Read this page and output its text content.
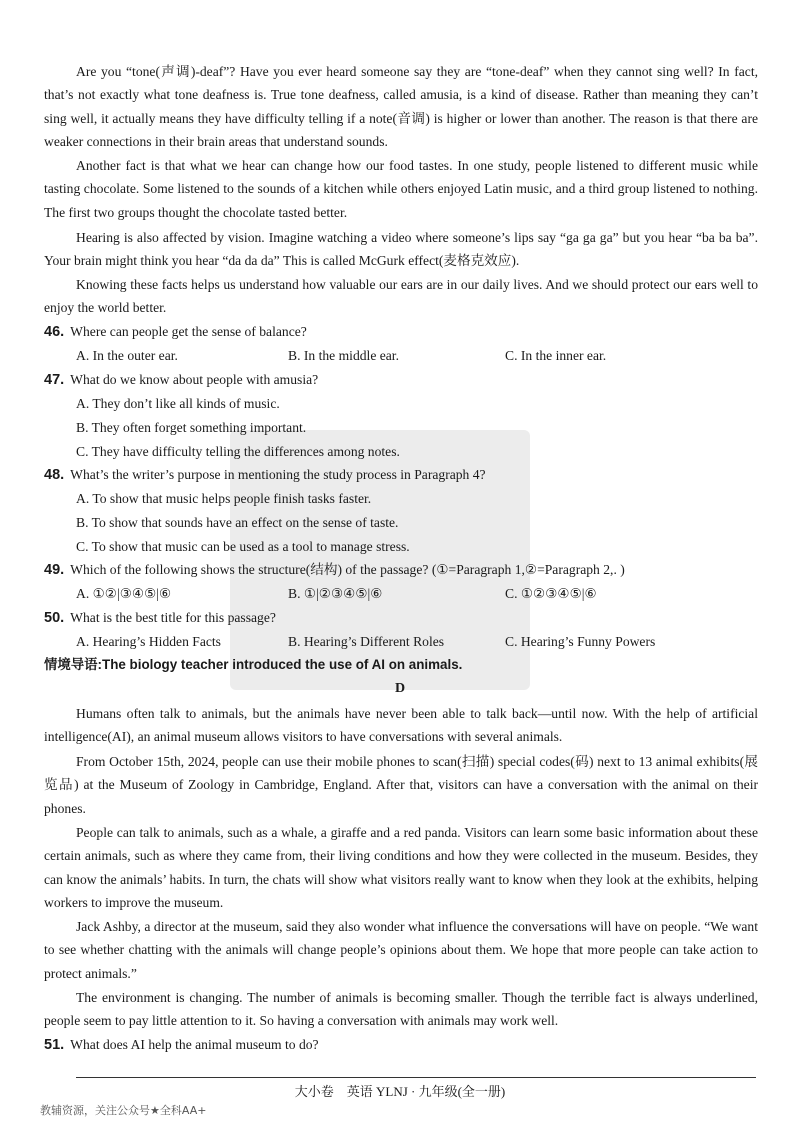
Are you “tone(声调)-deaf”? Have you ever heard someone say they are “tone-deaf” when they cannot sing well? In fact, that’s not exactly what tone deafness is. True tone deafness, called amusia, is a kind of disease. Rather than meaning they can’t sing well, it actually means they have difficulty telling if a note(音调) is higher or lower than another. The reason is that there are weaker connections in their brain areas that understand sounds.
Another fact is that what we hear can change how our food tastes. In one study, people listened to different music while tasting chocolate. Some listened to the sounds of a kitchen while others enjoyed Latin music, and a third group listened to nothing. The first two groups thought the chocolate tasted better.
Hearing is also affected by vision. Imagine watching a video where someone’s lips say “ga ga ga” but you hear “ba ba ba”. Your brain might think you hear “da da da” This is called McGurk effect(麦格克效应).
Knowing these facts helps us understand how valuable our ears are in our daily lives. And we should protect our ears well to enjoy the world better.
46. Where can people get the sense of balance?
A. In the outer ear.	B. In the middle ear.	C. In the inner ear.
47. What do we know about people with amusia?
A. They don’t like all kinds of music.
B. They often forget something important.
C. They have difficulty telling the differences among notes.
48. What’s the writer’s purpose in mentioning the study process in Paragraph 4?
A. To show that music helps people finish tasks faster.
B. To show that sounds have an effect on the sense of taste.
C. To show that music can be used as a tool to manage stress.
49. Which of the following shows the structure(结构) of the passage? (①=Paragraph 1,②=Paragraph 2,. )
A. ①②|③④⑤|⑥	B. ①|②③④⑤|⑥	C. ①②③④⑤|⑥
50. What is the best title for this passage?
A. Hearing’s Hidden Facts	B. Hearing’s Different Roles	C. Hearing’s Funny Powers
情境导语:The biology teacher introduced the use of AI on animals.
D
Humans often talk to animals, but the animals have never been able to talk back—until now. With the help of artificial intelligence(AI), an animal museum allows visitors to have conversations with several animals.
From October 15th, 2024, people can use their mobile phones to scan(扫描) special codes(码) next to 13 animal exhibits(展览品) at the Museum of Zoology in Cambridge, England. After that, visitors can have a conversation with the animal on their phones.
People can talk to animals, such as a whale, a giraffe and a red panda. Visitors can learn some basic information about these certain animals, such as where they came from, their living conditions and how they were collected in the museum. Besides, they can know the animals’ habits. In turn, the chats will show what visitors really want to know when they look at the exhibits, helping workers to improve the museum.
Jack Ashby, a director at the museum, said they also wonder what influence the conversations will have on people. “We want to see whether chatting with the animals will change people’s opinions about them. We hope that more people can take action to protect animals.”
The environment is changing. The number of animals is becoming smaller. Though the terrible fact is always underlined, people seem to pay little attention to it. So having a conversation with animals may work well.
51. What does AI help the animal museum to do?
大小卷　英语 YLNJ · 九年级(全一册)
教辅资源，关注公众号★全科AA+
